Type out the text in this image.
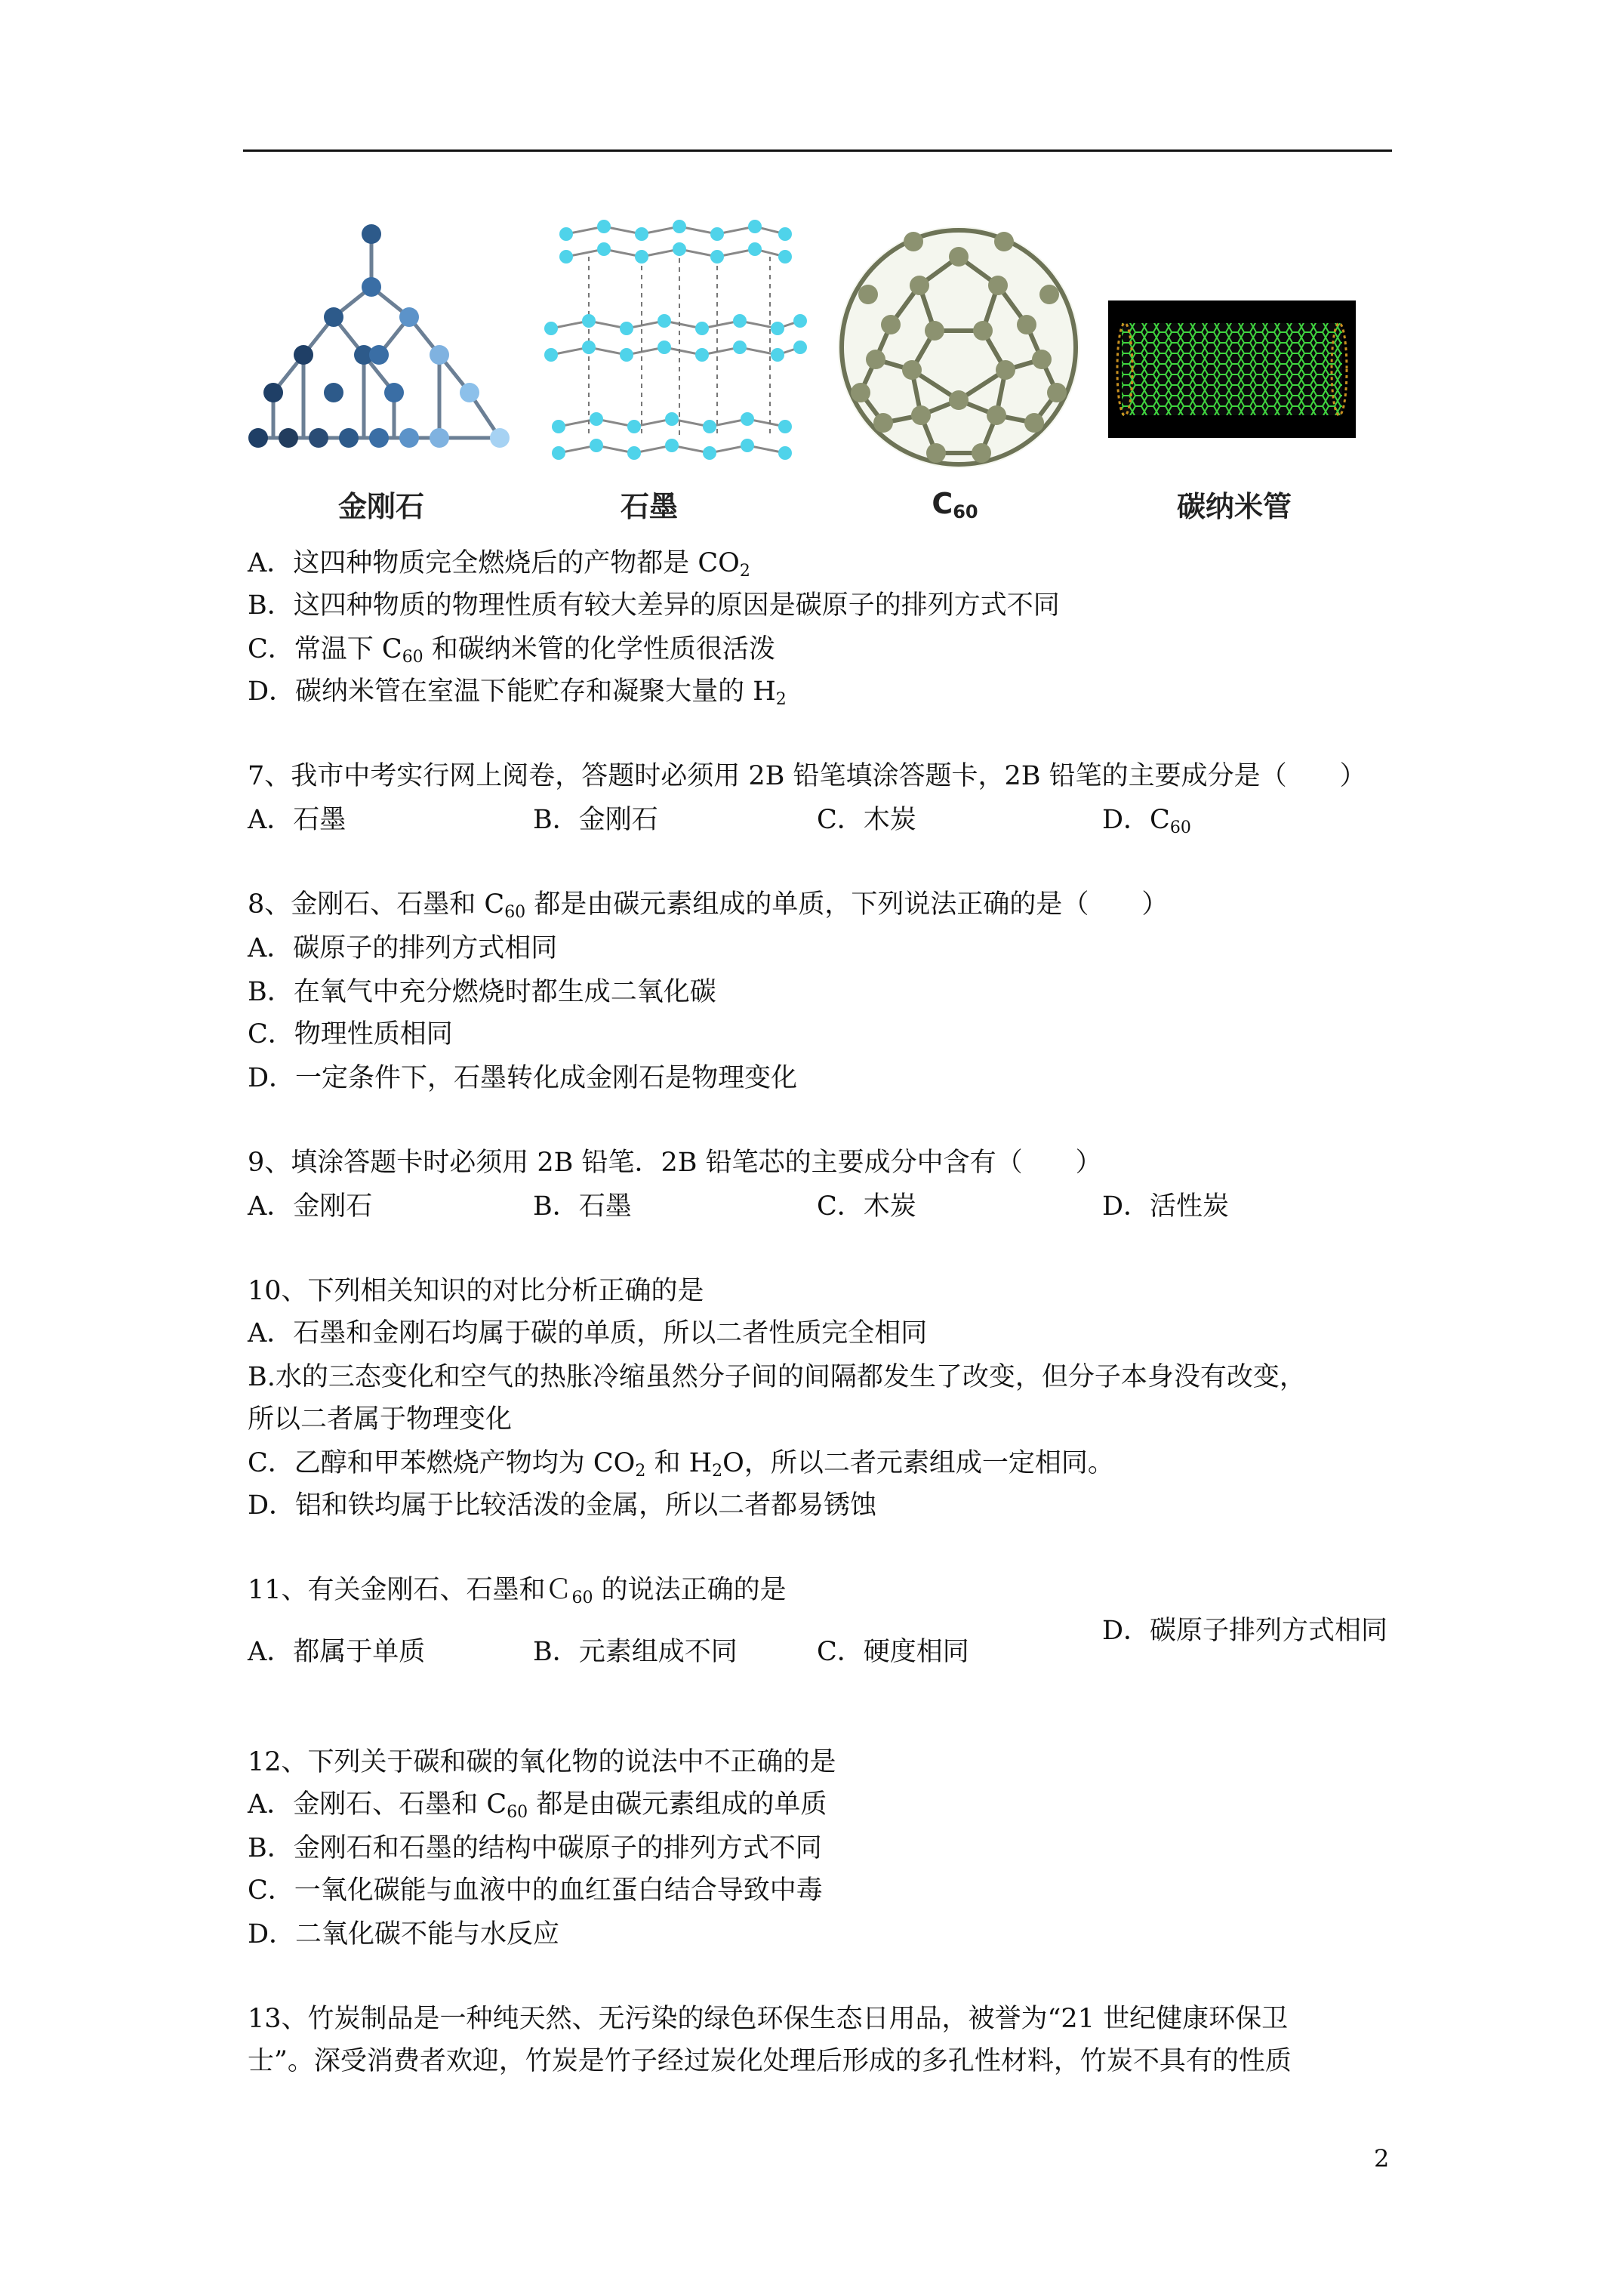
金刚石	石墨	$C_{60}$	碳纳米管
A．这四种物质完全燃烧后的产物都是 $CO_2$
B．这四种物质的物理性质有较大差异的原因是碳原子的排列方式不同
C．常温下 $C_{60}$ 和碳纳米管的化学性质很活泼
D．碳纳米管在室温下能贮存和凝聚大量的 $H_2$
7、我市中考实行网上阅卷，答题时必须用 2B 铅笔填涂答题卡，2B 铅笔的主要成分是（　　）
A．石墨	B．金刚石	C．木炭	D．$C_{60}$
8、金刚石、石墨和 $C_{60}$ 都是由碳元素组成的单质，下列说法正确的是（　　）
A．碳原子的排列方式相同
B．在氧气中充分燃烧时都生成二氧化碳
C．物理性质相同
D．一定条件下，石墨转化成金刚石是物理变化
9、填涂答题卡时必须用 2B 铅笔．2B 铅笔芯的主要成分中含有（　　）
A．金刚石	B．石墨	C．木炭	D．活性炭
10、下列相关知识的对比分析正确的是
A．石墨和金刚石均属于碳的单质，所以二者性质完全相同
B.水的三态变化和空气的热胀冷缩虽然分子间的间隔都发生了改变，但分子本身没有改变，
所以二者属于物理变化
C．乙醇和甲苯燃烧产物均为 $CO_2$ 和 $H_2O$，所以二者元素组成一定相同。
D．铝和铁均属于比较活泼的金属，所以二者都易锈蚀
11、有关金刚石、石墨和Ｃ$_{60}$ 的说法正确的是
A．都属于单质	B．元素组成不同	C．硬度相同
D．碳原子排列方式相同
12、下列关于碳和碳的氧化物的说法中不正确的是
A．金刚石、石墨和 $C_{60}$ 都是由碳元素组成的单质
B．金刚石和石墨的结构中碳原子的排列方式不同
C．一氧化碳能与血液中的血红蛋白结合导致中毒
D．二氧化碳不能与水反应
13、竹炭制品是一种纯天然、无污染的绿色环保生态日用品，被誉为“21 世纪健康环保卫
士”。深受消费者欢迎，竹炭是竹子经过炭化处理后形成的多孔性材料，竹炭不具有的性质
2
